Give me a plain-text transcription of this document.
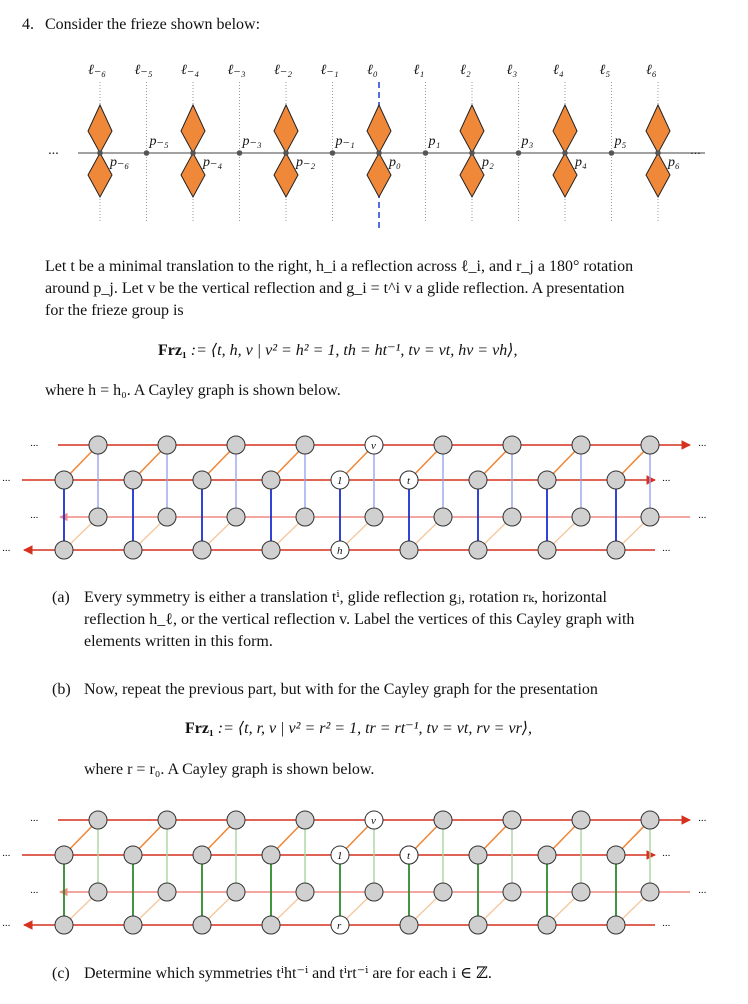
4. Consider the frieze shown below:
Let t be a minimal translation to the right, h_i a reflection across ℓ_i, and r_j a 180° rotation
around p_j. Let v be the vertical reflection and g_i = t^i v a glide reflection. A presentation
for the frieze group is
Frz₁ := ⟨t, h, v | v² = h² = 1, th = ht⁻¹, tv = vt, hv = vh⟩,
where h = h₀. A Cayley graph is shown below.
(a) Every symmetry is either a translation tⁱ, glide reflection gⱼ, rotation rₖ, horizontal
reflection h_ℓ, or the vertical reflection v. Label the vertices of this Cayley graph with
elements written in this form.
(b) Now, repeat the previous part, but with for the Cayley graph for the presentation
Frz₁ := ⟨t, r, v | v² = r² = 1, tr = rt⁻¹, tv = vt, rv = vr⟩,
where r = r₀. A Cayley graph is shown below.
(c) Determine which symmetries tⁱht⁻ⁱ and tⁱrt⁻ⁱ are for each i ∈ ℤ.
···	···
ℓ₋₆
p₋₆
ℓ₋₅
p₋₅
ℓ₋₄
p₋₄
ℓ₋₃
p₋₃
ℓ₋₂
p₋₂
ℓ₋₁
p₋₁
ℓ₀
p₀
ℓ₁
p₁
ℓ₂
p₂
ℓ₃
p₃
ℓ₄
p₄
ℓ₅
p₅
ℓ₆
p₆
···	···
···	···
···	···
···	···
v
1	t
h
···	···
···	···
···	···
···	···
v
1	t
r
